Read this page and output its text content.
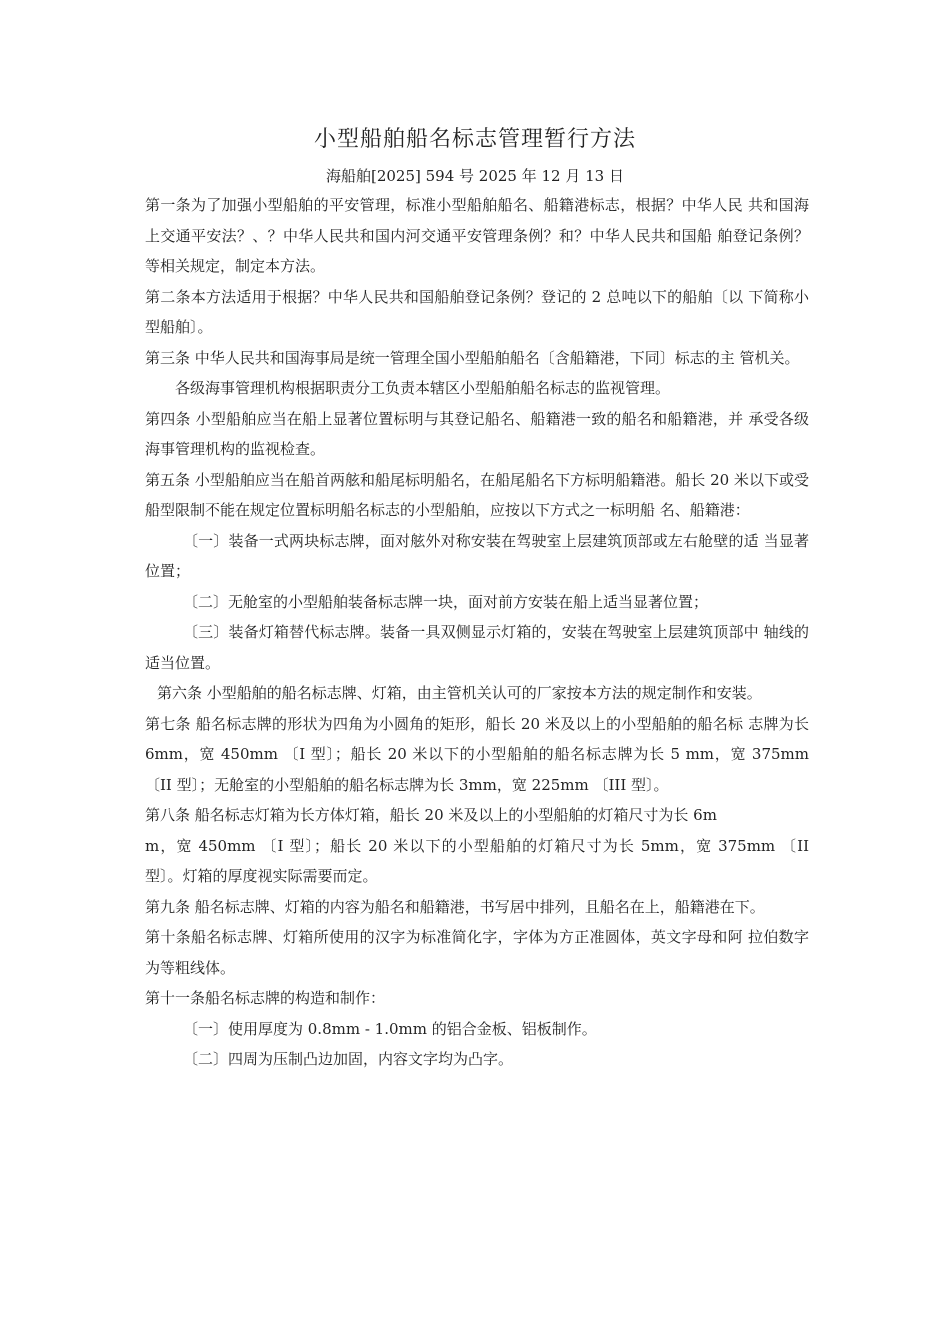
小型船舶船名标志管理暂行方法
海船舶[2025] 594 号 2025 年 12 月 13 日

第一条为了加强小型船舶的平安管理，标准小型船舶船名、船籍港标志，根据？中华人民 共和国海上交通平安法？、？中华人民共和国内河交通平安管理条例？和？中华人民共和国船 舶登记条例？等相关规定，制定本方法。

第二条本方法适用于根据？中华人民共和国船舶登记条例？登记的 2 总吨以下的船舶〔以 下简称小型船舶〕。

第三条 中华人民共和国海事局是统一管理全国小型船舶船名〔含船籍港，下同〕标志的主 管机关。

各级海事管理机构根据职责分工负责本辖区小型船舶船名标志的监视管理。

第四条 小型船舶应当在船上显著位置标明与其登记船名、船籍港一致的船名和船籍港，并 承受各级海事管理机构的监视检查。

第五条 小型船舶应当在船首两舷和船尾标明船名，在船尾船名下方标明船籍港。船长 20 米以下或受船型限制不能在规定位置标明船名标志的小型船舶，应按以下方式之一标明船 名、船籍港：

〔一〕装备一式两块标志牌，面对舷外对称安装在驾驶室上层建筑顶部或左右舱壁的适 当显著位置；

〔二〕无舱室的小型船舶装备标志牌一块，面对前方安装在船上适当显著位置；

〔三〕装备灯箱替代标志牌。装备一具双侧显示灯箱的，安装在驾驶室上层建筑顶部中 轴线的适当位置。

第六条 小型船舶的船名标志牌、灯箱，由主管机关认可的厂家按本方法的规定制作和安装。

第七条 船名标志牌的形状为四角为小圆角的矩形，船长 20 米及以上的小型船舶的船名标 志牌为长 6mm，宽 450mm 〔I 型〕；船长 20 米以下的小型船舶的船名标志牌为长 5 mm，宽 375mm 〔II 型〕；无舱室的小型船舶的船名标志牌为长 3mm，宽 225mm 〔III 型〕。

第八条 船名标志灯箱为长方体灯箱，船长 20 米及以上的小型船舶的灯箱尺寸为长 6m

m，宽 450mm 〔I 型〕；船长 20 米以下的小型船舶的灯箱尺寸为长 5mm，宽 375mm 〔II 型〕。灯箱的厚度视实际需要而定。

第九条 船名标志牌、灯箱的内容为船名和船籍港，书写居中排列，且船名在上，船籍港在下。

第十条船名标志牌、灯箱所使用的汉字为标准简化字，字体为方正准圆体，英文字母和阿 拉伯数字为等粗线体。

第十一条船名标志牌的构造和制作：

〔一〕使用厚度为 0.8mm - 1.0mm 的铝合金板、铝板制作。

〔二〕四周为压制凸边加固，内容文字均为凸字。
